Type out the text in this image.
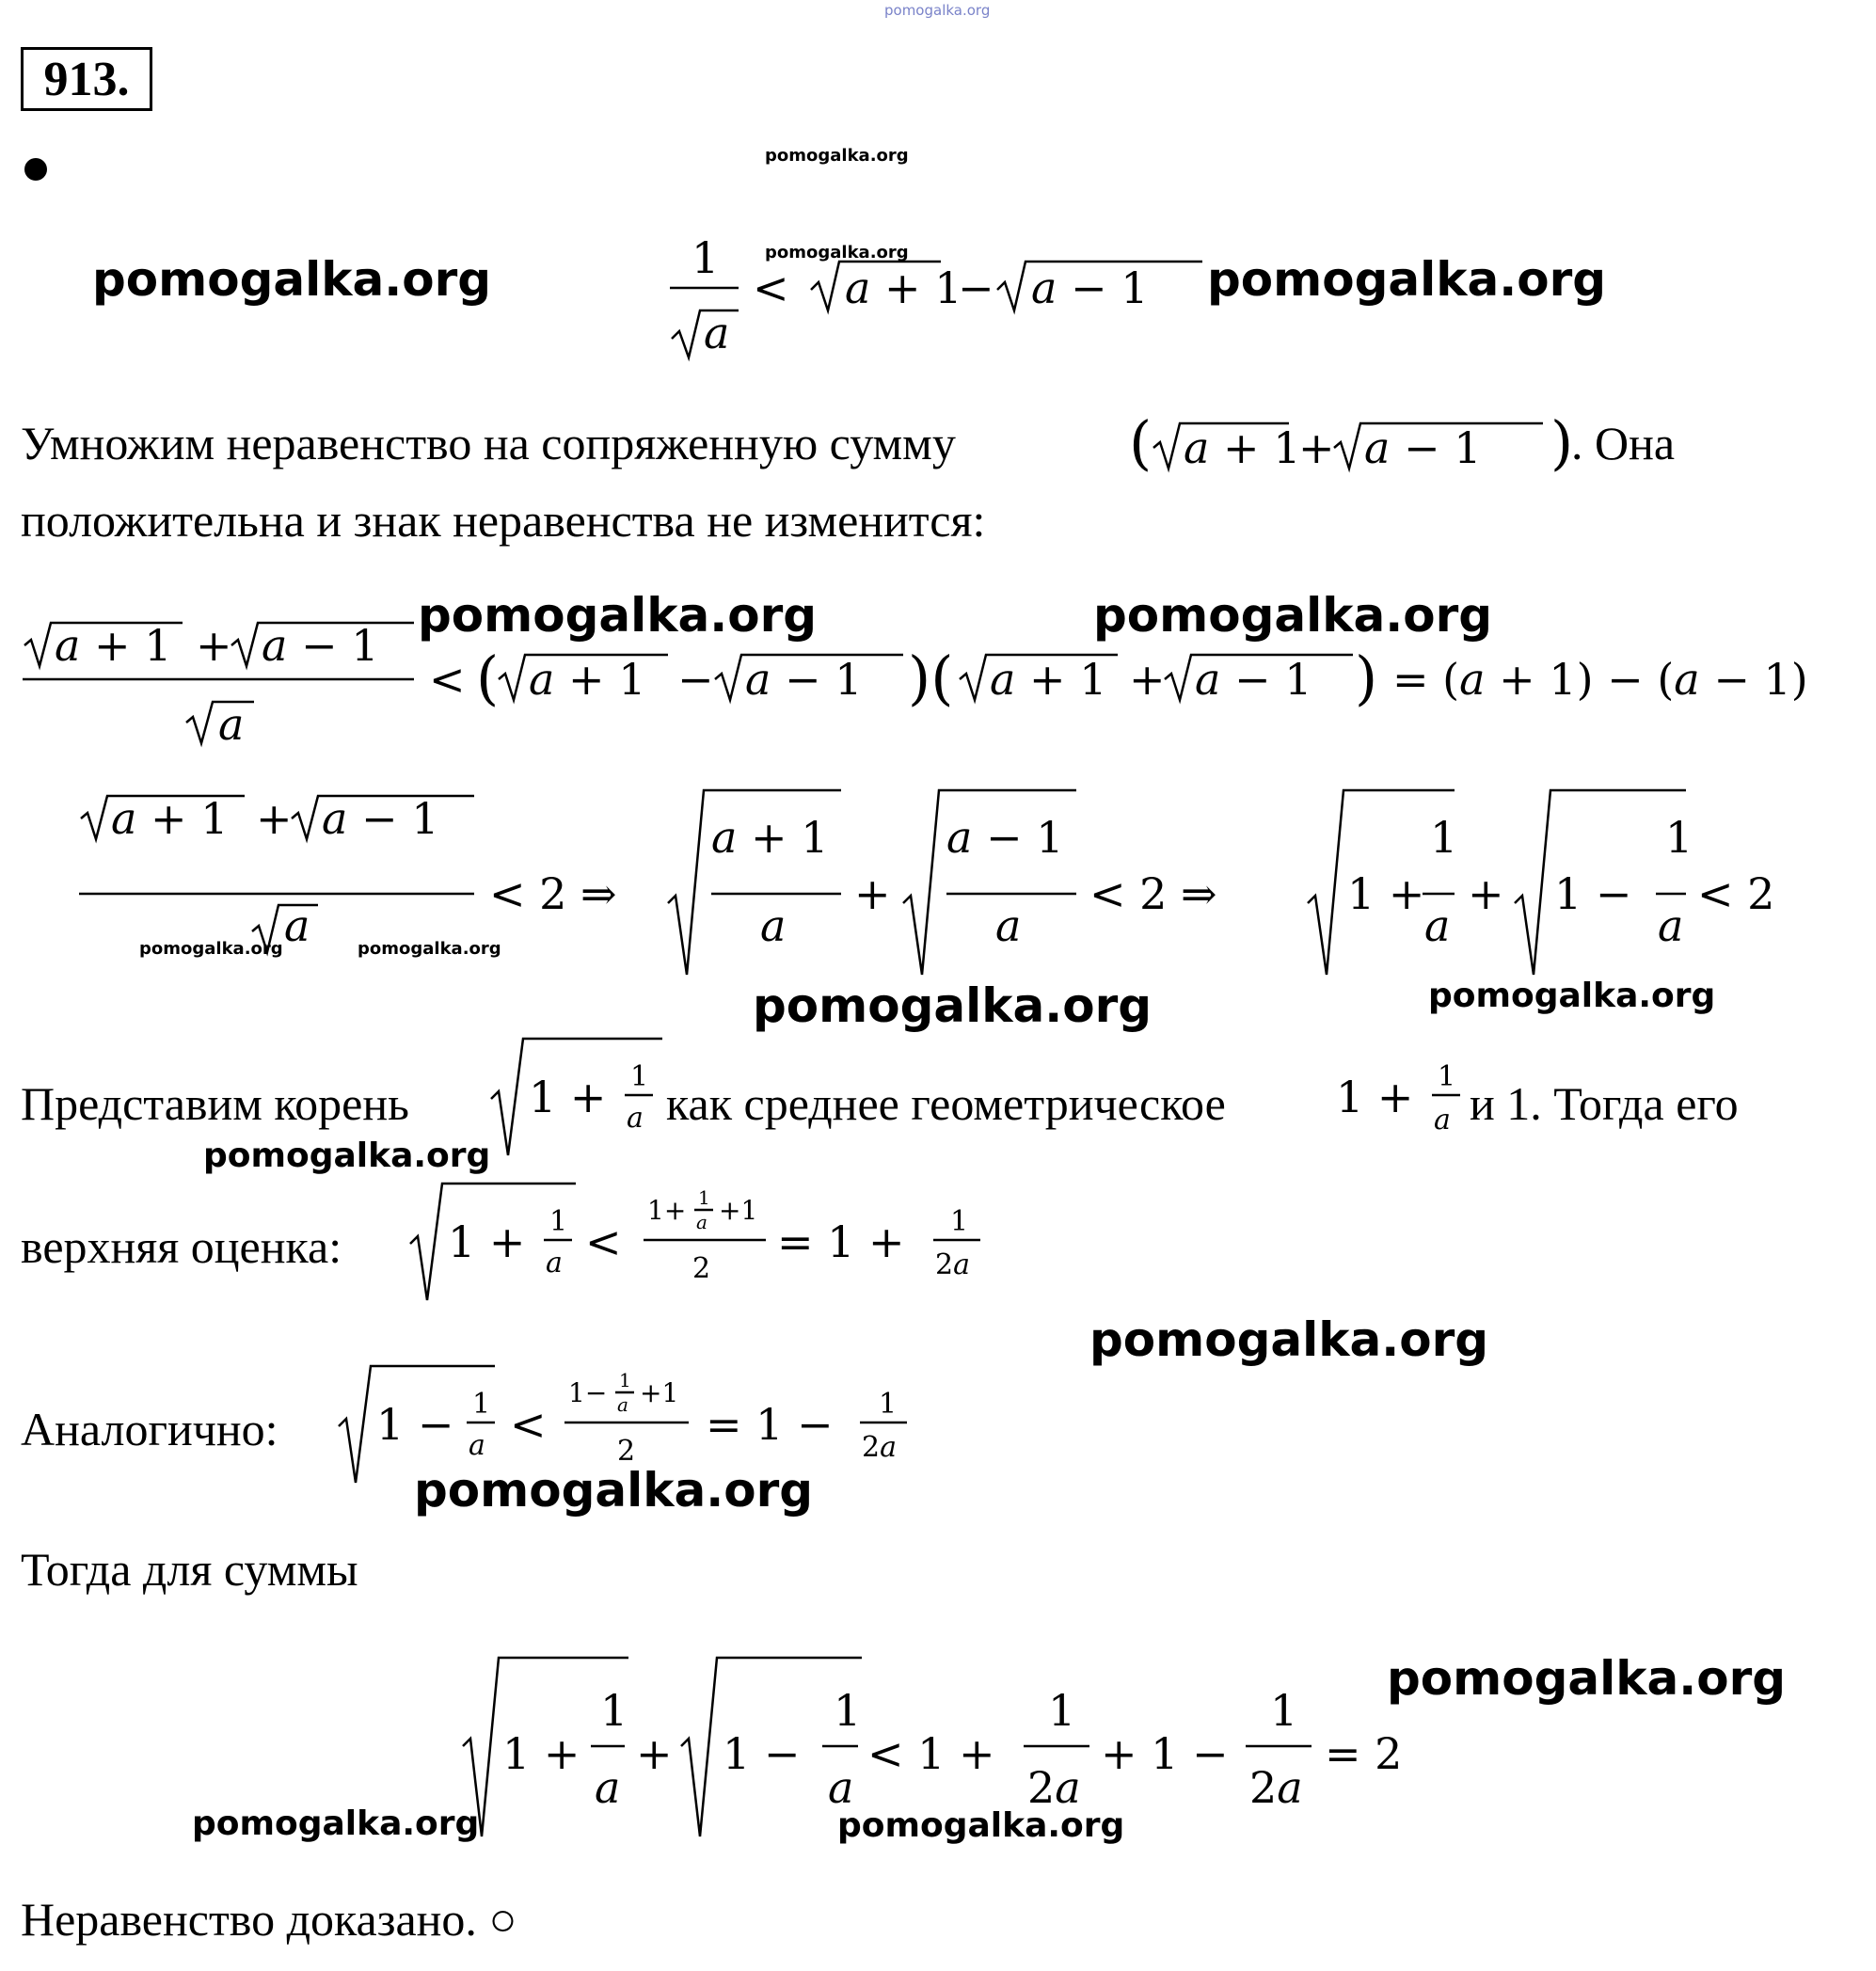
pomogalka.org
913.
pomogalka.org
pomogalka.org	pomogalka.org	pomogalka.org
1
a
< a + 1
− a − 1
Умножим неравенство на сопряженную сумму	( a + 1
+ a − 1 )
. Она
положительна и знак неравенства не изменится:
pomogalka.org	pomogalka.org
a + 1 + a − 1
a
< ( a + 1 − a − 1 )( a + 1 + a − 1 ) = (a + 1) − (a − 1)
a + 1 + a − 1
a
< 2 ⇒
a + 1
a
+
a − 1
a
< 2 ⇒	1 +
1
a
+ 1 −
1
a
< 2
pomogalka.org	pomogalka.org
pomogalka.org	pomogalka.org
Представим корень	1 + 1
a как среднее геометрическое	1 + 1
a и 1. Тогда его
pomogalka.org
верхняя оценка: 1 + 1
a <
1+ 1
a +1
2
= 1 + 1
2a
pomogalka.org
Аналогично: 1 − 1
a <
1− 1
a +1
2
= 1 − 1
2a
pomogalka.org
Тогда для суммы
pomogalka.org
1 +
1
a
+ 1 −
1
a
< 1 +
1
2a
+ 1 −
1
2a
= 2
pomogalka.org	pomogalka.org
Неравенство доказано. ○
